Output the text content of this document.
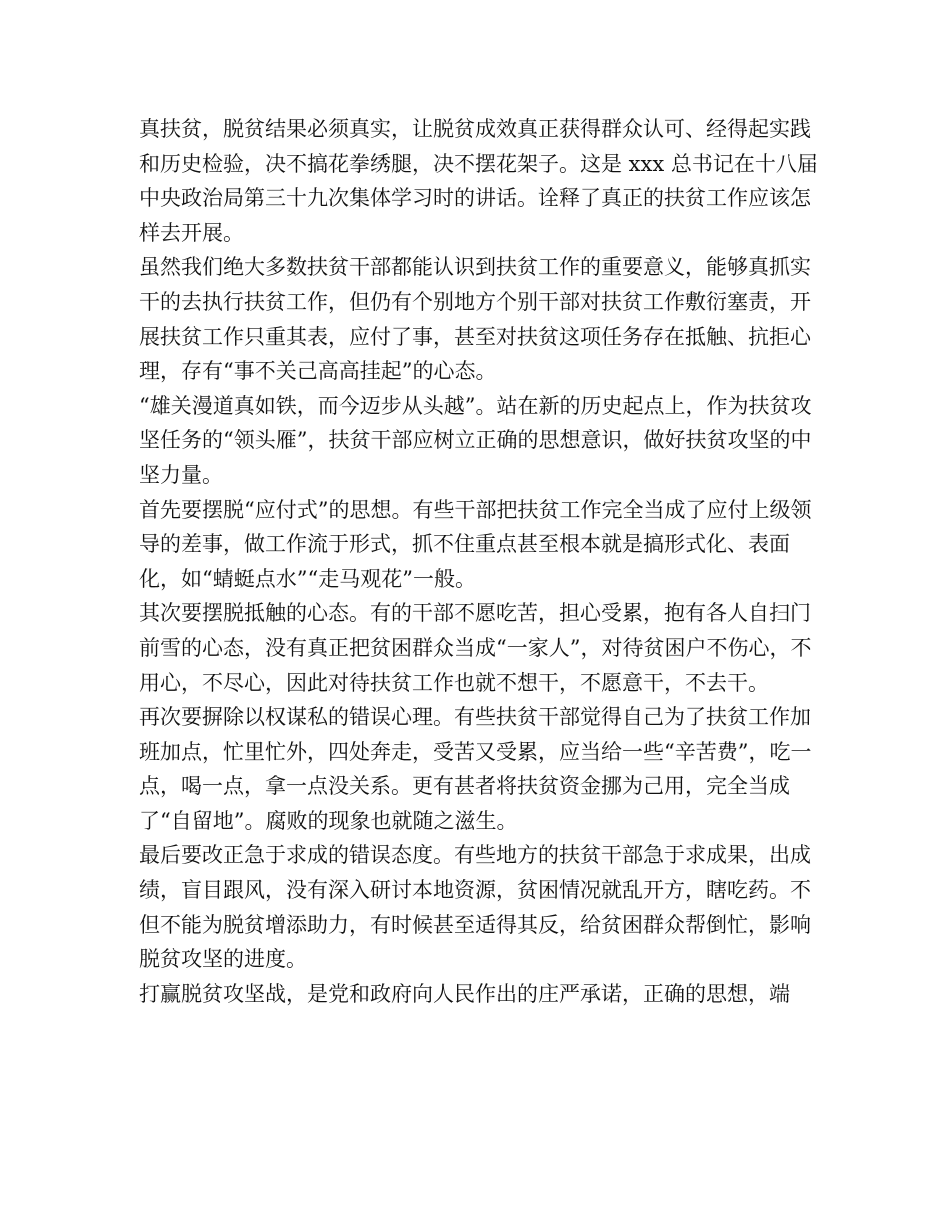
真扶贫，脱贫结果必须真实，让脱贫成效真正获得群众认可、经得起实践和历史检验，决不搞花拳绣腿，决不摆花架子。这是 xxx 总书记在十八届中央政治局第三十九次集体学习时的讲话。诠释了真正的扶贫工作应该怎样去开展。

虽然我们绝大多数扶贫干部都能认识到扶贫工作的重要意义，能够真抓实干的去执行扶贫工作，但仍有个别地方个别干部对扶贫工作敷衍塞责，开展扶贫工作只重其表，应付了事，甚至对扶贫这项任务存在抵触、抗拒心理，存有“事不关己高高挂起”的心态。

“雄关漫道真如铁，而今迈步从头越”。站在新的历史起点上，作为扶贫攻坚任务的“领头雁”，扶贫干部应树立正确的思想意识，做好扶贫攻坚的中坚力量。

首先要摆脱“应付式”的思想。有些干部把扶贫工作完全当成了应付上级领导的差事，做工作流于形式，抓不住重点甚至根本就是搞形式化、表面化，如“蜻蜓点水”“走马观花”一般。

其次要摆脱抵触的心态。有的干部不愿吃苦，担心受累，抱有各人自扫门前雪的心态，没有真正把贫困群众当成“一家人”，对待贫困户不伤心，不用心，不尽心，因此对待扶贫工作也就不想干，不愿意干，不去干。

再次要摒除以权谋私的错误心理。有些扶贫干部觉得自己为了扶贫工作加班加点，忙里忙外，四处奔走，受苦又受累，应当给一些“辛苦费”，吃一点，喝一点，拿一点没关系。更有甚者将扶贫资金挪为己用，完全当成了“自留地”。腐败的现象也就随之滋生。

最后要改正急于求成的错误态度。有些地方的扶贫干部急于求成果，出成绩，盲目跟风，没有深入研讨本地资源，贫困情况就乱开方，瞎吃药。不但不能为脱贫增添助力，有时候甚至适得其反，给贫困群众帮倒忙，影响脱贫攻坚的进度。

打赢脱贫攻坚战，是党和政府向人民作出的庄严承诺，正确的思想，端
